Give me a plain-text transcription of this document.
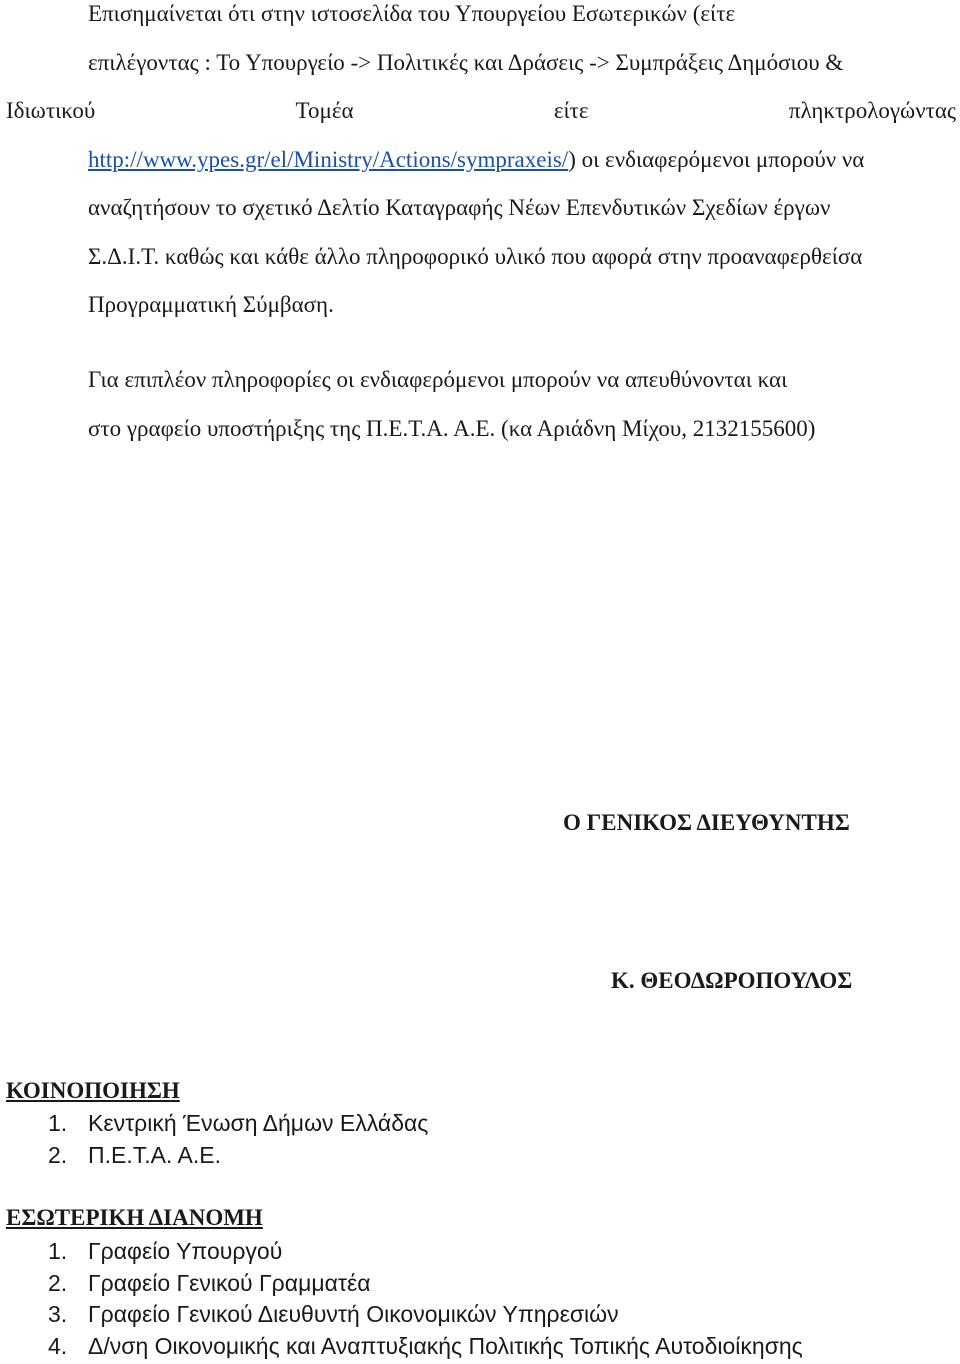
Επισημαίνεται ότι στην ιστοσελίδα του Υπουργείου Εσωτερικών (είτε
επιλέγοντας : Το Υπουργείο -> Πολιτικές και Δράσεις -> Συμπράξεις Δημόσιου &
Ιδιωτικού	Τομέα	είτε	πληκτρολογώντας
http://www.ypes.gr/el/Ministry/Actions/sympraxeis/) οι ενδιαφερόμενοι μπορούν να
αναζητήσουν το σχετικό Δελτίο Καταγραφής Νέων Επενδυτικών Σχεδίων έργων
Σ.Δ.Ι.Τ. καθώς και κάθε άλλο πληροφορικό υλικό που αφορά στην προαναφερθείσα
Προγραμματική Σύμβαση.

Για επιπλέον πληροφορίες οι ενδιαφερόμενοι μπορούν να απευθύνονται και
στο γραφείο υποστήριξης της Π.Ε.Τ.Α. Α.Ε. (κα Αριάδνη Μίχου, 2132155600)

Ο ΓΕΝΙΚΟΣ ΔΙΕΥΘΥΝΤΗΣ

Κ. ΘΕΟΔΩΡΟΠΟΥΛΟΣ

ΚΟΙΝΟΠΟΙΗΣΗ

1. Κεντρική Ένωση Δήμων Ελλάδας
2. Π.Ε.Τ.Α. Α.Ε.

ΕΣΩΤΕΡΙΚΗ ΔΙΑΝΟΜΗ

1. Γραφείο Υπουργού
2. Γραφείο Γενικού Γραμματέα
3. Γραφείο Γενικού Διευθυντή Οικονομικών Υπηρεσιών
4. Δ/νση Οικονομικής και Αναπτυξιακής Πολιτικής Τοπικής Αυτοδιοίκησης
